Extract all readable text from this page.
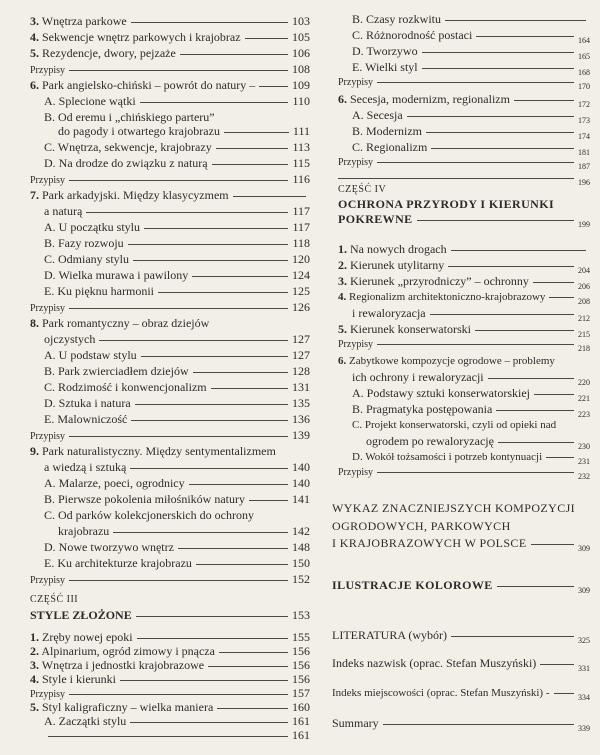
3. Wnętrza parkowe	103
4. Sekwencje wnętrz parkowych i krajobraz	105
5. Rezydencje, dwory, pejzaże	106
Przypisy	108
6. Park angielsko-chiński – powrót do natury –	109
A. Splecione wątki	110
B. Od eremu i „chińskiego parteru”
do pagody i otwartego krajobrazu	111
C. Wnętrza, sekwencje, krajobrazy	113
D. Na drodze do związku z naturą	115
Przypisy	116
7. Park arkadyjski. Między klasycyzmem
a naturą	117
A. U początku stylu	117
B. Fazy rozwoju	118
C. Odmiany stylu	120
D. Wielka murawa i pawilony	124
E. Ku pięknu harmonii	125
Przypisy	126
8. Park romantyczny – obraz dziejów
ojczystych	127
A. U podstaw stylu	127
B. Park zwierciadłem dziejów	128
C. Rodzimość i konwencjonalizm	131
D. Sztuka i natura	135
E. Malowniczość	136
Przypisy	139
9. Park naturalistyczny. Między sentymentalizmem
a wiedzą i sztuką	140
A. Malarze, poeci, ogrodnicy	140
B. Pierwsze pokolenia miłośników natury	141
C. Od parków kolekcjonerskich do ochrony
krajobrazu	142
D. Nowe tworzywo wnętrz	148
E. Ku architekturze krajobrazu	150
Przypisy	152
CZĘŚĆ III
STYLE ZŁOŻONE	153
1. Zręby nowej epoki	155
2. Alpinarium, ogród zimowy i pnącza	156
3. Wnętrza i jednostki krajobrazowe	156
4. Style i kierunki	156
Przypisy	157
5. Styl kaligraficzny – wielka maniera	160
A. Zaczątki stylu	161
161
B. Czasy rozkwitu
C. Różnorodność postaci	164
D. Tworzywo	165
E. Wielki styl	168
Przypisy	170
6. Secesja, modernizm, regionalizm	172
A. Secesja	173
B. Modernizm	174
C. Regionalizm	181
Przypisy	187
196
CZĘŚĆ IV
OCHRONA PRZYRODY I KIERUNKI
POKREWNE	199
1. Na nowych drogach
2. Kierunek utylitarny	204
3. Kierunek „przyrodniczy” – ochronny	206
4. Regionalizm architektoniczno-krajobrazowy	208
i rewaloryzacja	212
5. Kierunek konserwatorski	215
Przypisy	218
6. Zabytkowe kompozycje ogrodowe – problemy
ich ochrony i rewaloryzacji	220
A. Podstawy sztuki konserwatorskiej	221
B. Pragmatyka postępowania	223
C. Projekt konserwatorski, czyli od opieki nad
ogrodem po rewaloryzację	230
D. Wokół tożsamości i potrzeb kontynuacji	231
Przypisy	232
WYKAZ ZNACZNIEJSZYCH KOMPOZYCJI
OGRODOWYCH, PARKOWYCH
I KRAJOBRAZOWYCH W POLSCE	309
ILUSTRACJE KOLOROWE	309
LITERATURA (wybór)	325
Indeks nazwisk (oprac. Stefan Muszyński)	331
Indeks miejscowości (oprac. Stefan Muszyński) -	334
Summary	339
